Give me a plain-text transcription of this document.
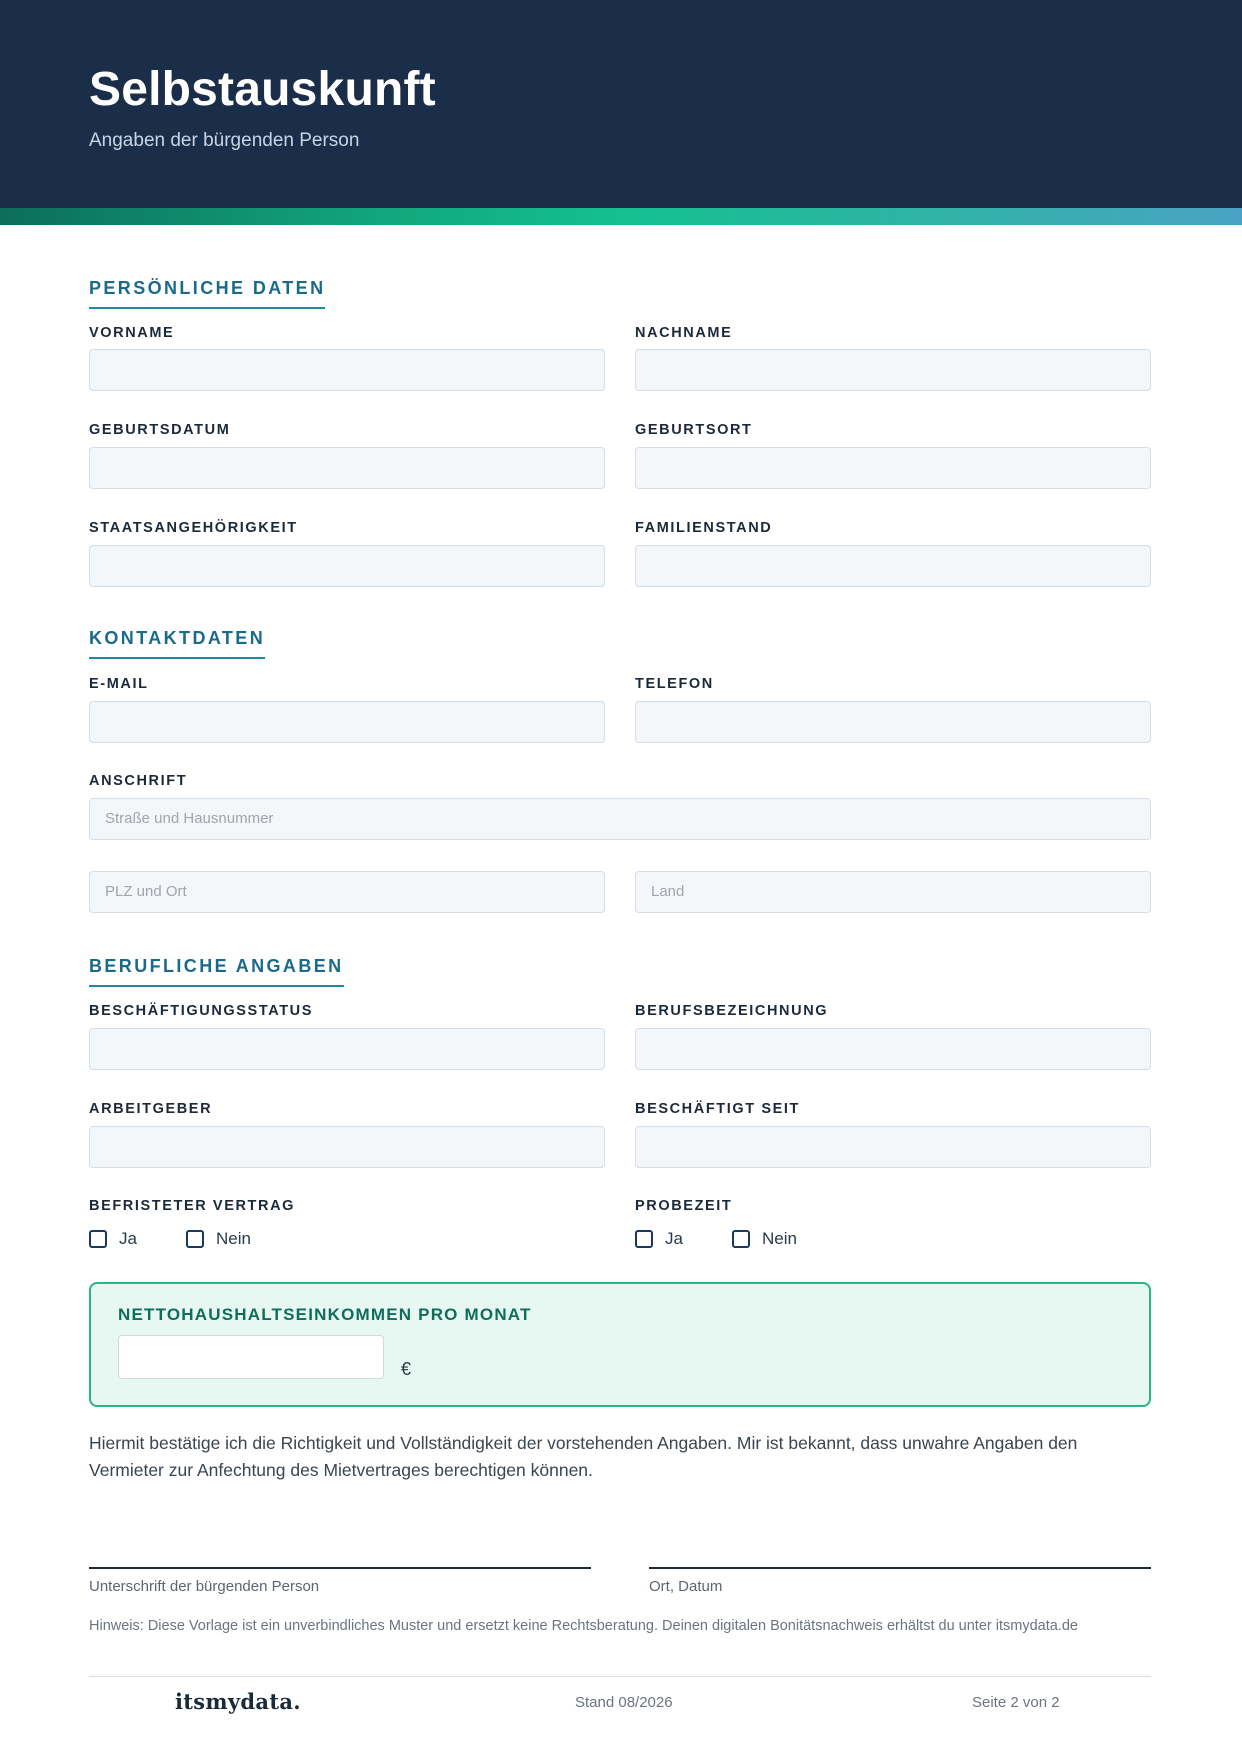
Selbstauskunft
Angaben der bürgenden Person
PERSÖNLICHE DATEN
VORNAME	NACHNAME
GEBURTSDATUM	GEBURTSORT
STAATSANGEHÖRIGKEIT	FAMILIENSTAND
KONTAKTDATEN
E-MAIL	TELEFON
ANSCHRIFT
Straße und Hausnummer
PLZ und Ort	Land
BERUFLICHE ANGABEN
BESCHÄFTIGUNGSSTATUS	BERUFSBEZEICHNUNG
ARBEITGEBER	BESCHÄFTIGT SEIT
BEFRISTETER VERTRAG
Ja	Nein
PROBEZEIT
Ja	Nein
NETTOHAUSHALTSEINKOMMEN PRO MONAT
€
Hiermit bestätige ich die Richtigkeit und Vollständigkeit der vorstehenden Angaben. Mir ist bekannt, dass unwahre Angaben den Vermieter zur Anfechtung des Mietvertrages berechtigen können.
Unterschrift der bürgenden Person	Ort, Datum
Hinweis: Diese Vorlage ist ein unverbindliches Muster und ersetzt keine Rechtsberatung. Deinen digitalen Bonitätsnachweis erhältst du unter itsmydata.de
itsmydata.	Stand 08/2026	Seite 2 von 2
